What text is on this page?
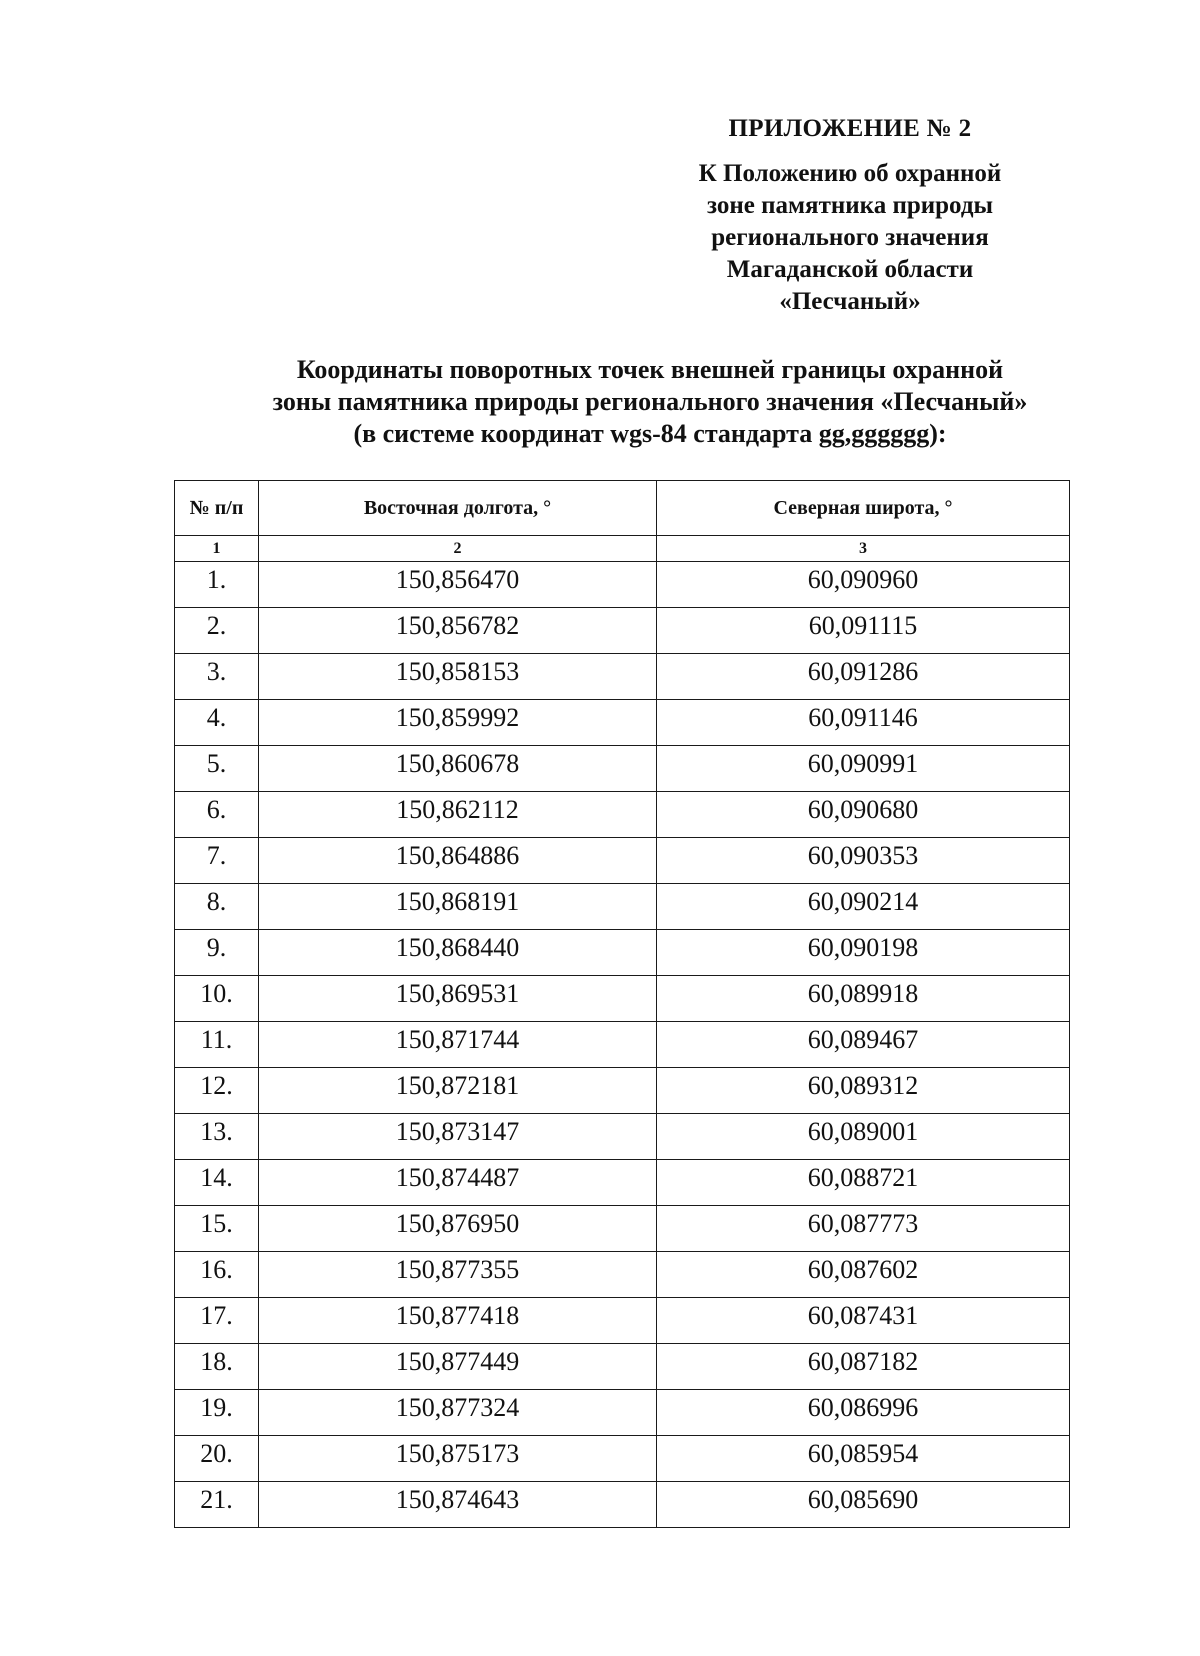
ПРИЛОЖЕНИЕ № 2
К Положению об охранной
зоне памятника природы
регионального значения
Магаданской области
«Песчаный»
Координаты поворотных точек внешней границы охранной
зоны памятника природы регионального значения «Песчаный»
(в системе координат wgs-84 стандарта gg,gggggg):
№ п/п	Восточная долгота, °	Северная широта, °
1	2	3
1.	150,856470	60,090960
2.	150,856782	60,091115
3.	150,858153	60,091286
4.	150,859992	60,091146
5.	150,860678	60,090991
6.	150,862112	60,090680
7.	150,864886	60,090353
8.	150,868191	60,090214
9.	150,868440	60,090198
10.	150,869531	60,089918
11.	150,871744	60,089467
12.	150,872181	60,089312
13.	150,873147	60,089001
14.	150,874487	60,088721
15.	150,876950	60,087773
16.	150,877355	60,087602
17.	150,877418	60,087431
18.	150,877449	60,087182
19.	150,877324	60,086996
20.	150,875173	60,085954
21.	150,874643	60,085690
